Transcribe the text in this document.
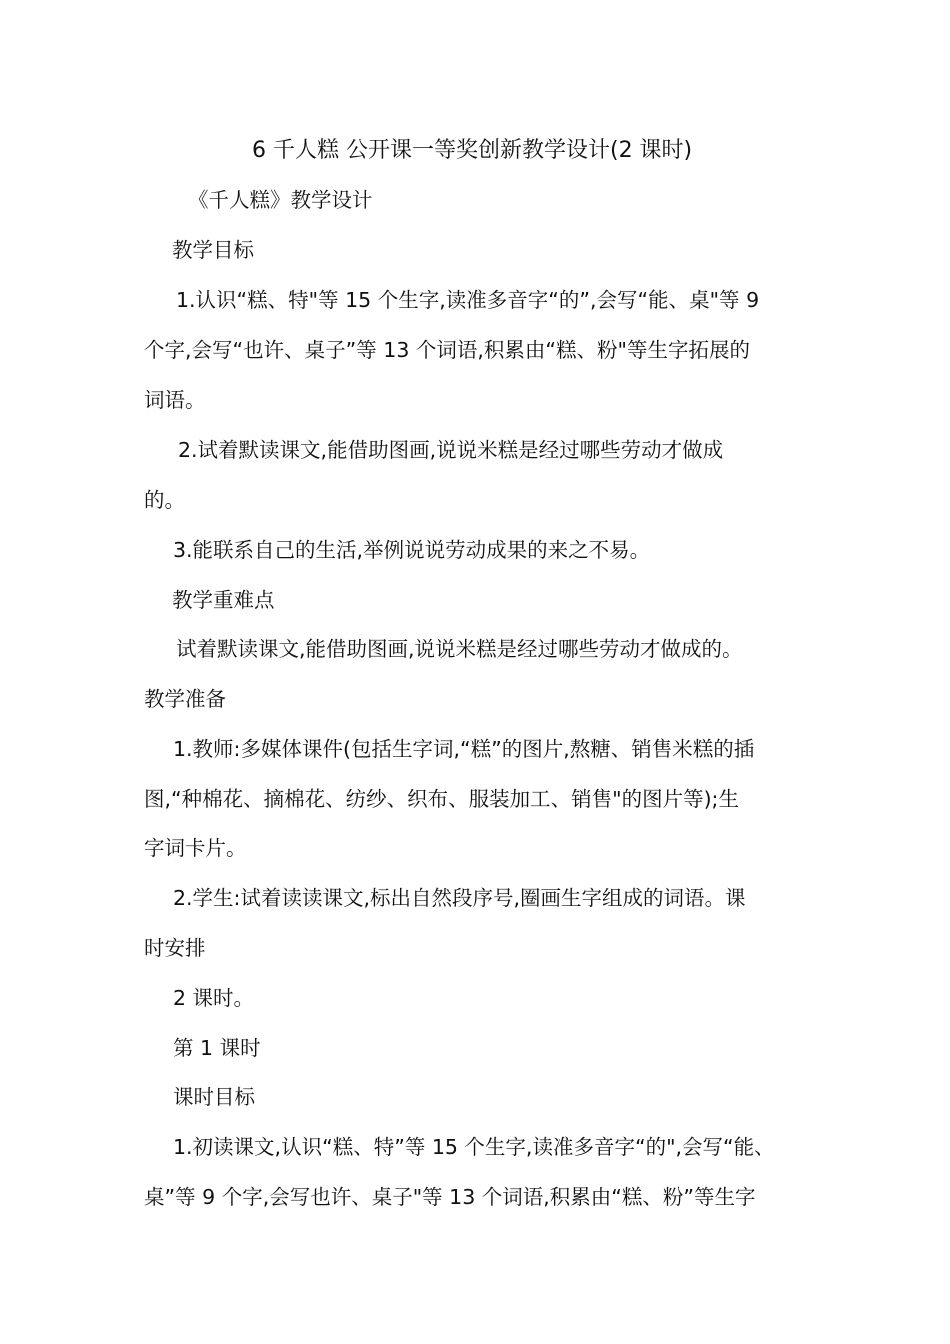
6 千人糕 公开课一等奖创新教学设计(2 课时)
《千人糕》教学设计
教学目标
1.认识“糕、特"等 15 个生字,读准多音字“的”,会写“能、桌"等 9
个字,会写“也许、桌子”等 13 个词语,积累由“糕、粉"等生字拓展的
词语。
2.试着默读课文,能借助图画,说说米糕是经过哪些劳动才做成
的。
3.能联系自己的生活,举例说说劳动成果的来之不易。
教学重难点
试着默读课文,能借助图画,说说米糕是经过哪些劳动才做成的。
教学准备
1.教师:多媒体课件(包括生字词,“糕”的图片,熬糖、销售米糕的插
图,“种棉花、摘棉花、纺纱、织布、服装加工、销售"的图片等);生
字词卡片。
2.学生:试着读读课文,标出自然段序号,圈画生字组成的词语。课
时安排
2 课时。
第 1 课时
课时目标
1.初读课文,认识“糕、特”等 15 个生字,读准多音字“的",会写“能、
桌”等 9 个字,会写也许、桌子"等 13 个词语,积累由“糕、粉”等生字
